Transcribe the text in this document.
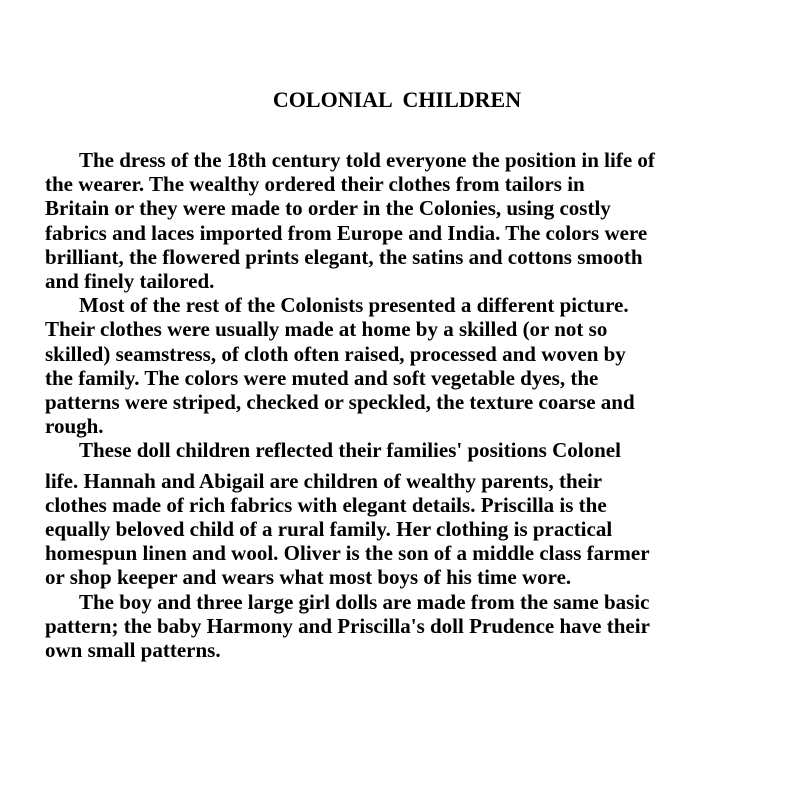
COLONIAL  CHILDREN
The dress of the 18th century told everyone the position in life of
the wearer. The wealthy ordered their clothes from tailors in
Britain or they were made to order in the Colonies, using costly
fabrics and laces imported from Europe and India. The colors were
brilliant, the flowered prints elegant, the satins and cottons smooth
and finely tailored.
Most of the rest of the Colonists presented a different picture.
Their clothes were usually made at home by a skilled (or not so
skilled) seamstress, of cloth often raised, processed and woven by
the family. The colors were muted and soft vegetable dyes, the
patterns were striped, checked or speckled, the texture coarse and
rough.
These doll children reflected their families' positions Colonel
life. Hannah and Abigail are children of wealthy parents, their
clothes made of rich fabrics with elegant details. Priscilla is the
equally beloved child of a rural family. Her clothing is practical
homespun linen and wool. Oliver is the son of a middle class farmer
or shop keeper and wears what most boys of his time wore.
The boy and three large girl dolls are made from the same basic
pattern; the baby Harmony and Priscilla's doll Prudence have their
own small patterns.
